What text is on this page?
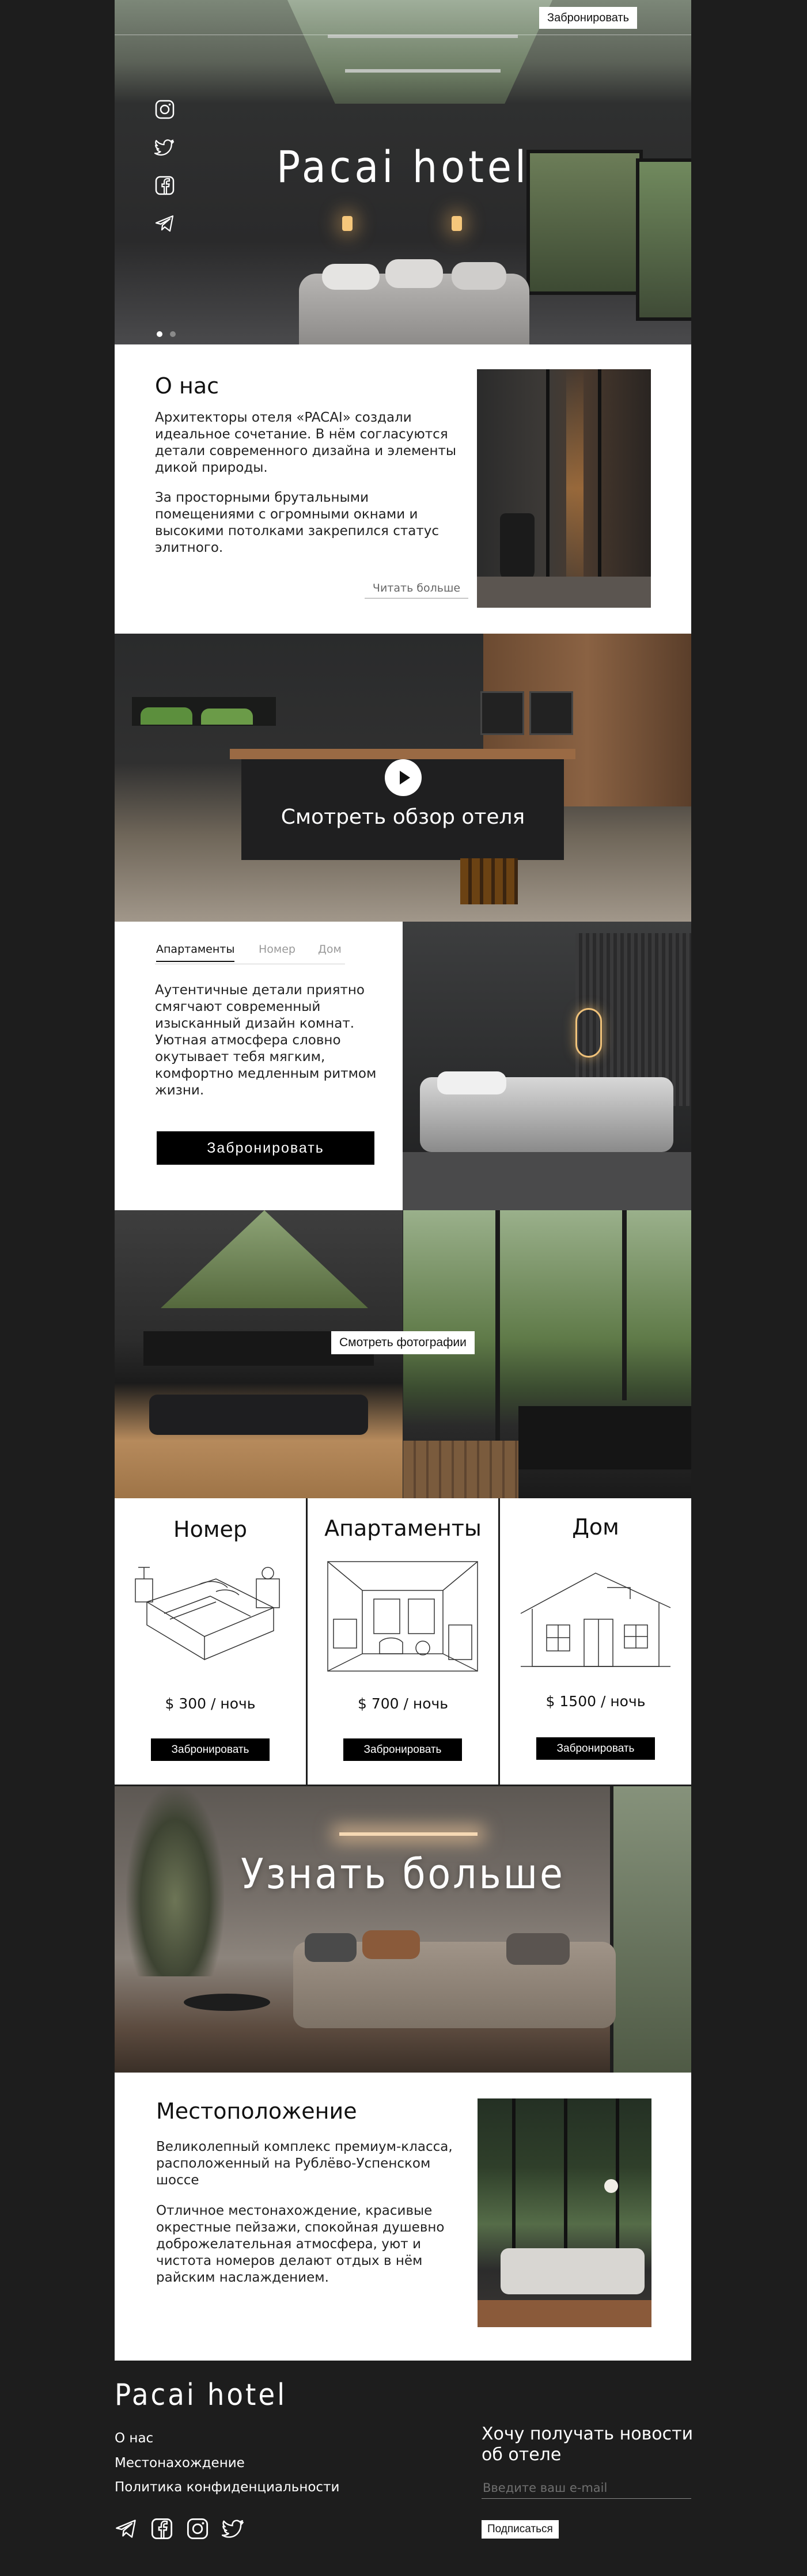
Забронировать
Pacai hotel

О нас

Архитекторы отеля «PACAI» создали идеальное сочетание. В нём согласуются детали современного дизайна и элементы дикой природы.

За просторными брутальными помещениями с огромными окнами и высокими потолками закрепился статус элитного.

Читать больше
Смотреть обзор отеля
Апартаменты Номер Дом

Аутентичные детали приятно смягчают современный изысканный дизайн комнат. Уютная атмосфера словно окутывает тебя мягким, комфортно медленным ритмом жизни.

Забронировать
Смотреть фотографии
Номер
$ 300 / ночь
Забронировать
Апартаменты
$ 700 / ночь
Забронировать
Дом
$ 1500 / ночь
Забронировать
Узнать больше
Местоположение

Великолепный комплекс премиум-класса, расположенный на Рублёво-Успенском шоссе

Отличное местонахождение, красивые окрестные пейзажи, спокойная душевно доброжелательная атмосфера, уют и чистота номеров делают отдых в нём райским наслаждением.

Pacai hotel
О нас
Местонахождение
Политика конфиденциальности
Хочу получать новости об отеле
Введите ваш e-mail
Подписаться
